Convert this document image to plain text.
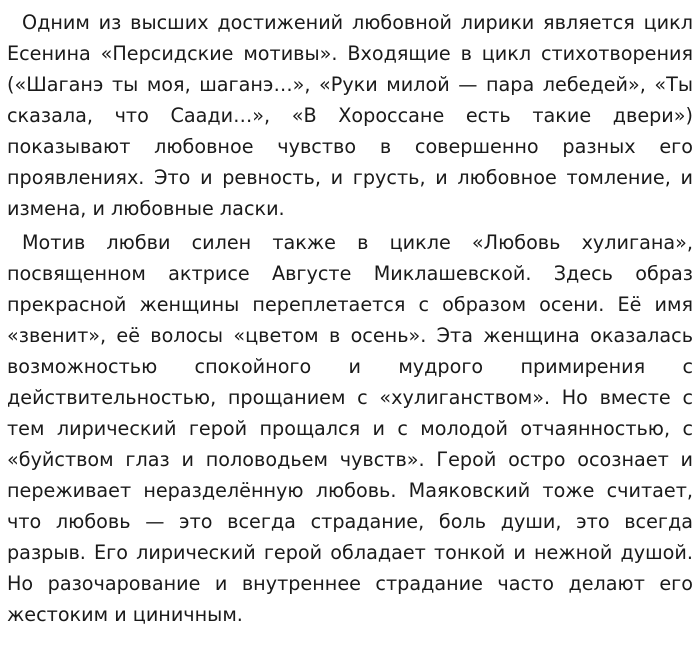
Одним из высших достижений любовной лирики является цикл Есенина «Персидские мотивы». Входящие в цикл стихотворения («Шаганэ ты моя, шаганэ…», «Руки милой — пара лебедей», «Ты сказала, что Саади…», «В Хороссане есть такие двери») показывают любовное чувство в совершенно разных его проявлениях. Это и ревность, и грусть, и любовное томление, и измена, и любовные ласки.

Мотив любви силен также в цикле «Любовь хулигана», посвященном актрисе Августе Миклашевской. Здесь образ прекрасной женщины переплетается с образом осени. Её имя «звенит», её волосы «цветом в осень». Эта женщина оказалась возможностью спокойного и мудрого примирения с действительностью, прощанием с «хулиганством». Но вместе с тем лирический герой прощался и с молодой отчаянностью, с «буйством глаз и половодьем чувств». Герой остро осознает и переживает неразделённую любовь. Маяковский тоже считает, что любовь — это всегда страдание, боль души, это всегда разрыв. Его лирический герой обладает тонкой и нежной душой. Но разочарование и внутреннее страдание часто делают его жестоким и циничным.
